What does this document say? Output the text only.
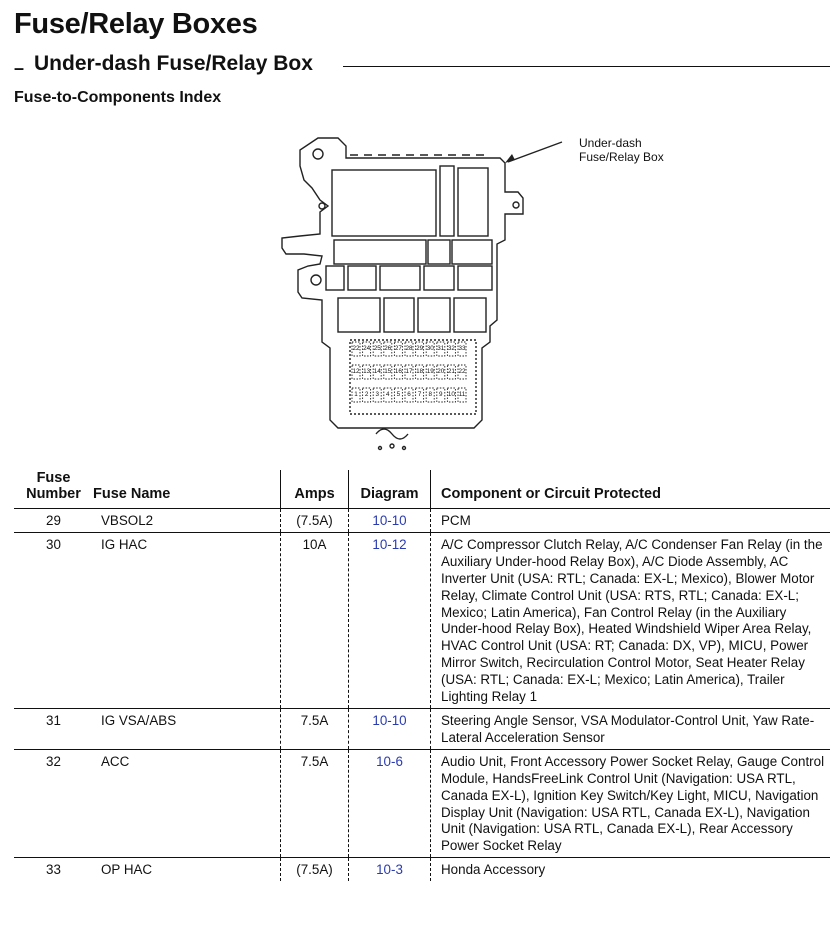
Fuse/Relay Boxes
– Under-dash Fuse/Relay Box
Fuse-to-Components Index
22 24 25 26 27 28 29 30 31 32 33
12 13 14 15 16 17 18 19 20 21 22
1 2 3 4 5 6 7 8 9 10 11
Under-dash
Fuse/Relay Box
Fuse Number	Fuse Name	Amps	Diagram	Component or Circuit Protected
29	VBSOL2	(7.5A)	10-10	PCM
30	IG HAC	10A	10-12	A/C Compressor Clutch Relay, A/C Condenser Fan Relay (in the Auxiliary Under-hood Relay Box), A/C Diode Assembly, AC Inverter Unit (USA: RTL; Canada: EX-L; Mexico), Blower Motor Relay, Climate Control Unit (USA: RTS, RTL; Canada: EX-L; Mexico; Latin America), Fan Control Relay (in the Auxiliary Under-hood Relay Box), Heated Windshield Wiper Area Relay, HVAC Control Unit (USA: RT; Canada: DX, VP), MICU, Power Mirror Switch, Recirculation Control Motor, Seat Heater Relay (USA: RTL; Canada: EX-L; Mexico; Latin America), Trailer Lighting Relay 1
31	IG VSA/ABS	7.5A	10-10	Steering Angle Sensor, VSA Modulator-Control Unit, Yaw Rate-Lateral Acceleration Sensor
32	ACC	7.5A	10-6	Audio Unit, Front Accessory Power Socket Relay, Gauge Control Module, HandsFreeLink Control Unit (Navigation: USA RTL, Canada EX-L), Ignition Key Switch/Key Light, MICU, Navigation Display Unit (Navigation: USA RTL, Canada EX-L), Navigation Unit (Navigation: USA RTL, Canada EX-L), Rear Accessory Power Socket Relay
33	OP HAC	(7.5A)	10-3	Honda Accessory
